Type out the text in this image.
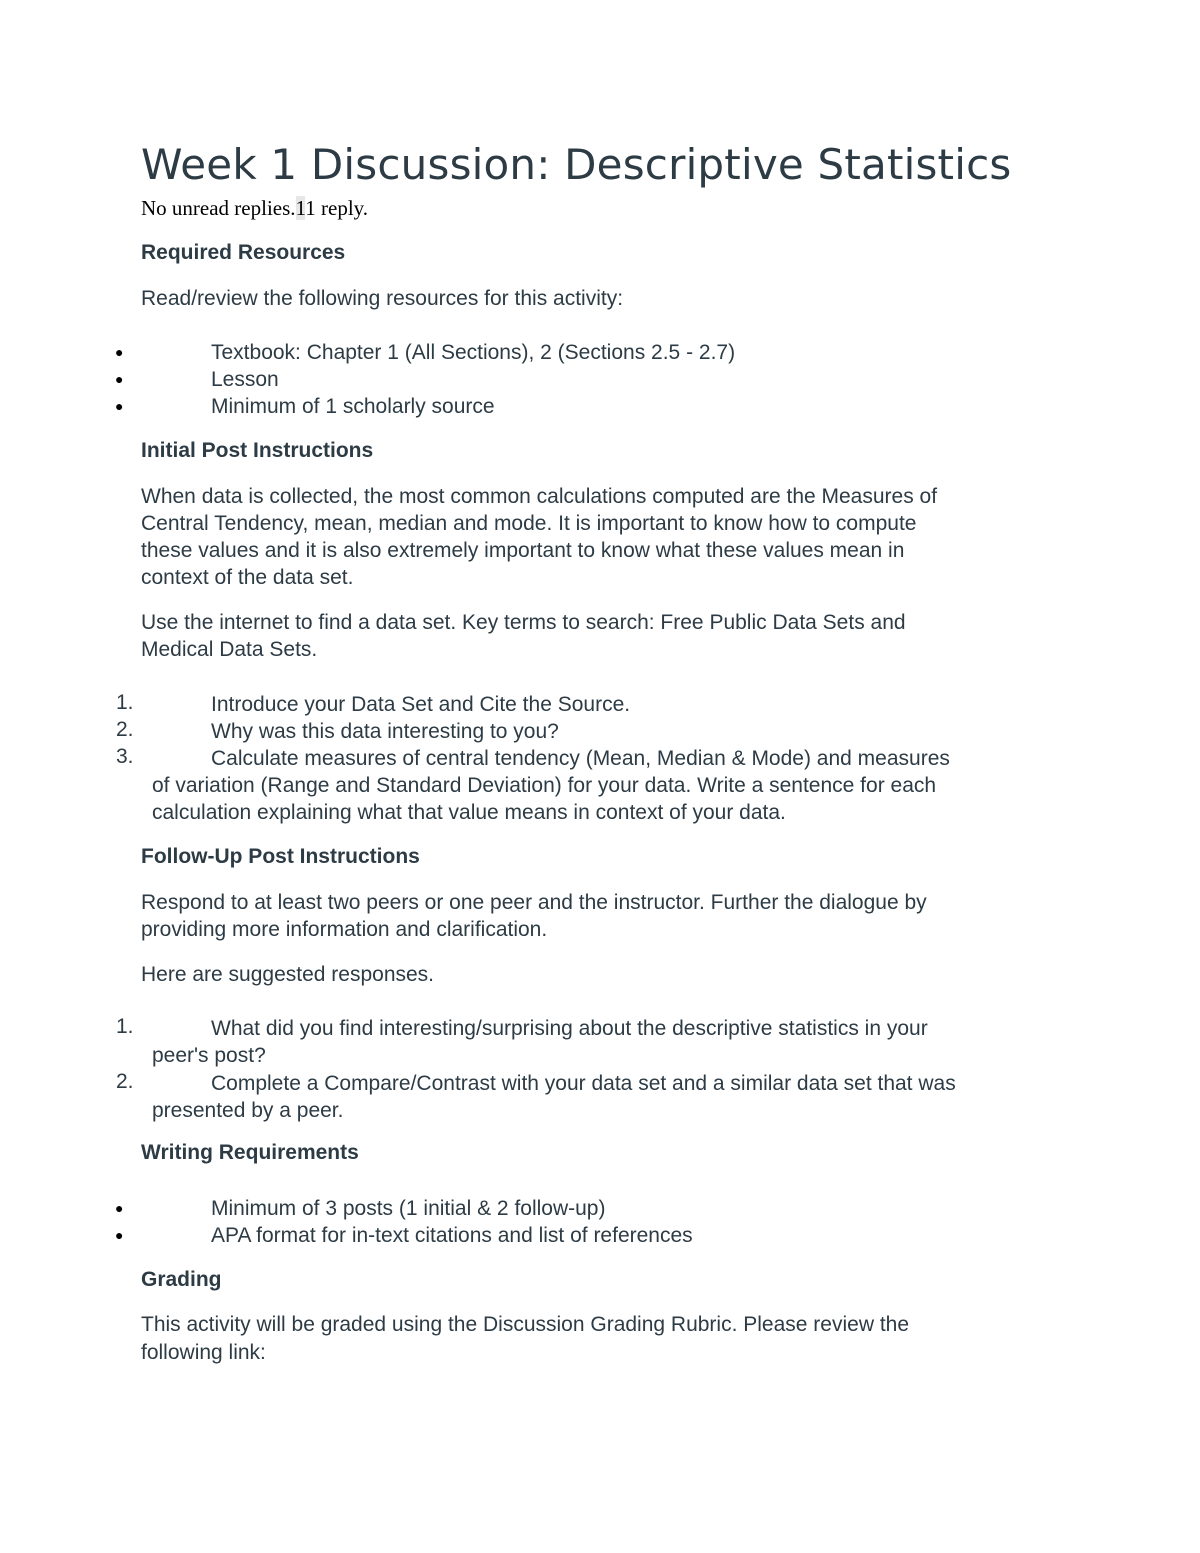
Week 1 Discussion: Descriptive Statistics
No unread replies.11 reply.
Required Resources
Read/review the following resources for this activity:
●	Textbook: Chapter 1 (All Sections), 2 (Sections 2.5 - 2.7)
●	Lesson
●	Minimum of 1 scholarly source
Initial Post Instructions
When data is collected, the most common calculations computed are the Measures of
Central Tendency, mean, median and mode. It is important to know how to compute
these values and it is also extremely important to know what these values mean in
context of the data set.
Use the internet to find a data set. Key terms to search: Free Public Data Sets and
Medical Data Sets.
1.	Introduce your Data Set and Cite the Source.
2.	Why was this data interesting to you?
3.	Calculate measures of central tendency (Mean, Median & Mode) and measures
of variation (Range and Standard Deviation) for your data. Write a sentence for each
calculation explaining what that value means in context of your data.
Follow-Up Post Instructions
Respond to at least two peers or one peer and the instructor. Further the dialogue by
providing more information and clarification.
Here are suggested responses.
1.	What did you find interesting/surprising about the descriptive statistics in your
peer's post?
2.	Complete a Compare/Contrast with your data set and a similar data set that was
presented by a peer.
Writing Requirements
●	Minimum of 3 posts (1 initial & 2 follow-up)
●	APA format for in-text citations and list of references
Grading
This activity will be graded using the Discussion Grading Rubric. Please review the
following link:
